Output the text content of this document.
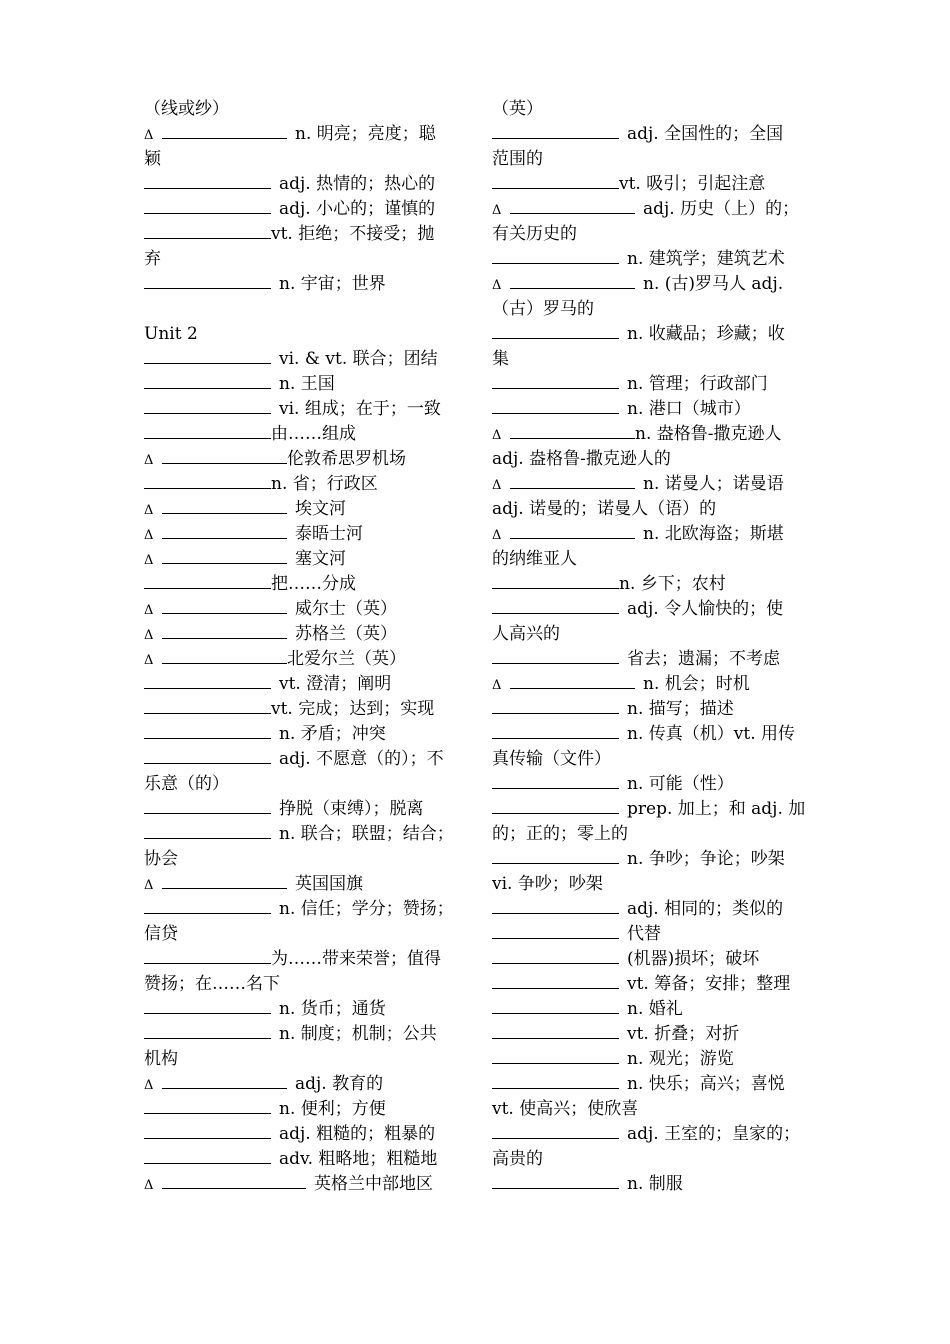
（线或纱）
Δ	n. 明亮；亮度；聪
颖
adj. 热情的；热心的
adj. 小心的；谨慎的
vt. 拒绝；不接受；抛
弃
n. 宇宙；世界
Unit 2
vi. & vt. 联合；团结
n. 王国
vi. 组成；在于；一致
由……组成
Δ	伦敦希思罗机场
n. 省；行政区
Δ	埃文河
Δ	泰晤士河
Δ	塞文河
把……分成
Δ	威尔士（英）
Δ	苏格兰（英）
Δ	北爱尔兰（英）
vt. 澄清；阐明
vt. 完成；达到；实现
n. 矛盾；冲突
adj. 不愿意（的）；不
乐意（的）
挣脱（束缚）；脱离
n. 联合；联盟；结合；
协会
Δ	英国国旗
n. 信任；学分；赞扬；
信贷
为……带来荣誉；值得
赞扬；在……名下
n. 货币；通货
n. 制度；机制；公共
机构
Δ	adj. 教育的
n. 便利；方便
adj. 粗糙的；粗暴的
adv. 粗略地；粗糙地
Δ	英格兰中部地区
（英）
adj. 全国性的；全国
范围的
vt. 吸引；引起注意
Δ	adj. 历史（上）的；
有关历史的
n. 建筑学；建筑艺术
Δ	n. (古)罗马人 adj.
（古）罗马的
n. 收藏品；珍藏；收
集
n. 管理；行政部门
n. 港口（城市）
Δ	n. 盎格鲁-撒克逊人
adj. 盎格鲁-撒克逊人的
Δ	n. 诺曼人；诺曼语
adj. 诺曼的；诺曼人（语）的
Δ	n. 北欧海盗；斯堪
的纳维亚人
n. 乡下；农村
adj. 令人愉快的；使
人高兴的
省去；遗漏；不考虑
Δ	n. 机会；时机
n. 描写；描述
n. 传真（机）vt. 用传
真传输（文件）
n. 可能（性）
prep. 加上；和 adj. 加
的；正的；零上的
n. 争吵；争论；吵架
vi. 争吵；吵架
adj. 相同的；类似的
代替
(机器)损坏；破坏
vt. 筹备；安排；整理
n. 婚礼
vt. 折叠；对折
n. 观光；游览
n. 快乐；高兴；喜悦
vt. 使高兴；使欣喜
adj. 王室的；皇家的；
高贵的
n. 制服
